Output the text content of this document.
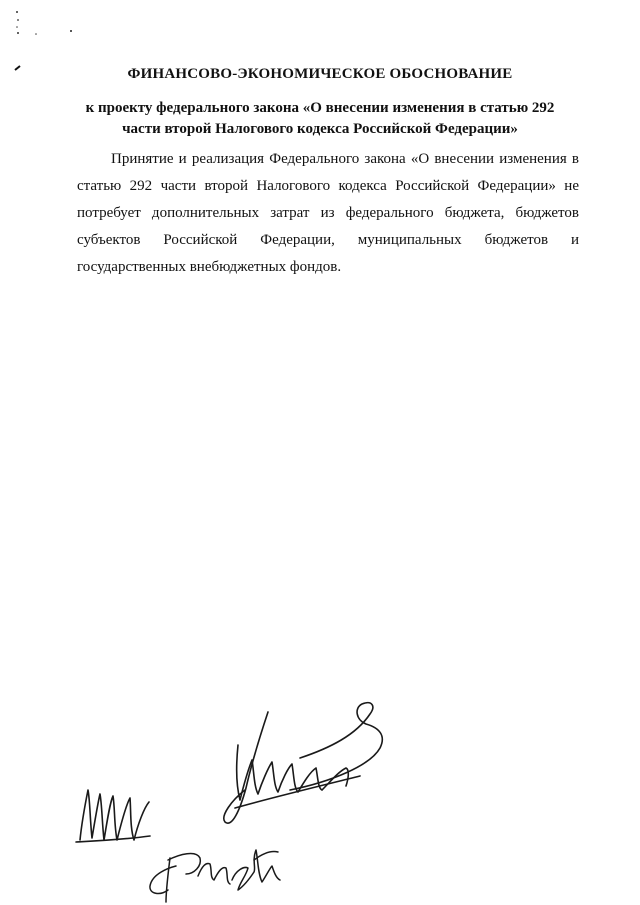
ФИНАНСОВО-ЭКОНОМИЧЕСКОЕ ОБОСНОВАНИЕ

к проекту федерального закона «О внесении изменения в статью 292
части второй Налогового кодекса Российской Федерации»

Принятие и реализация Федерального закона «О внесении изменения в
статью 292 части второй Налогового кодекса Российской Федерации» не
потребует дополнительных затрат из федерального бюджета, бюджетов
субъектов Российской Федерации, муниципальных бюджетов и
государственных внебюджетных фондов.
